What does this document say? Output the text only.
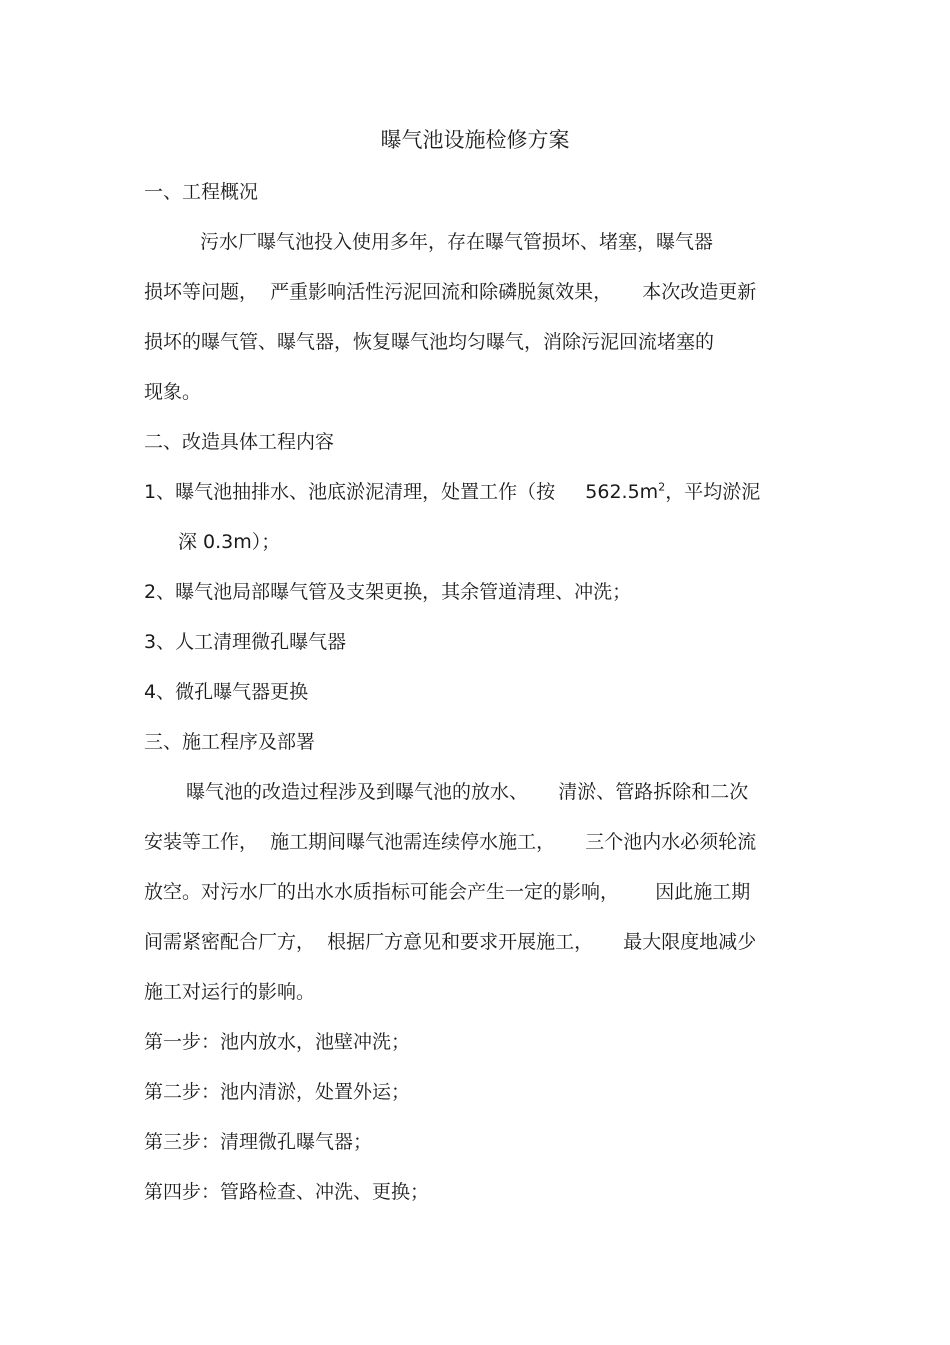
曝气池设施检修方案
一、工程概况
污水厂曝气池投入使用多年，存在曝气管损坏、堵塞，曝气器
损坏等问题，  严重影响活性污泥回流和除磷脱氮效果，     本次改造更新
损坏的曝气管、曝气器，恢复曝气池均匀曝气，消除污泥回流堵塞的
现象。
二、改造具体工程内容
1、曝气池抽排水、池底淤泥清理，处置工作（按     $562.5m^2$，平均淤泥
深 0.3m）；
2、曝气池局部曝气管及支架更换，其余管道清理、冲洗；
3、人工清理微孔曝气器
4、微孔曝气器更换
三、施工程序及部署
曝气池的改造过程涉及到曝气池的放水、     清淤、管路拆除和二次
安装等工作，  施工期间曝气池需连续停水施工，     三个池内水必须轮流
放空。对污水厂的出水水质指标可能会产生一定的影响，      因此施工期
间需紧密配合厂方，  根据厂方意见和要求开展施工，     最大限度地减少
施工对运行的影响。
第一步：池内放水，池壁冲洗；
第二步：池内清淤，处置外运；
第三步：清理微孔曝气器；
第四步：管路检查、冲洗、更换；
